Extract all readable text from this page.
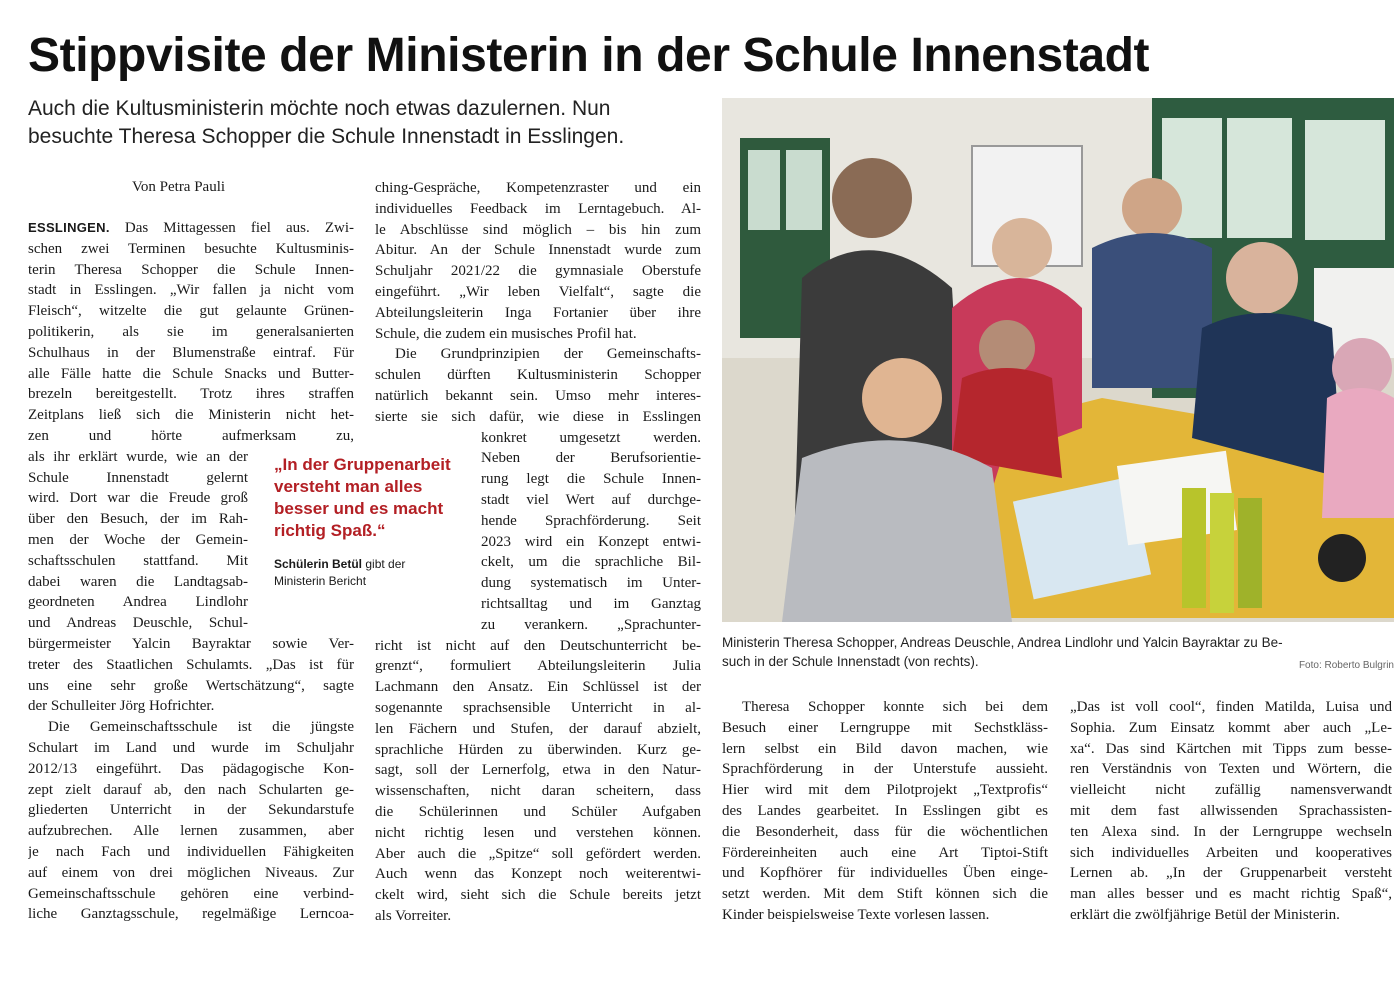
Stippvisite der Ministerin in der Schule Innenstadt
Auch die Kultusministerin möchte noch etwas dazulernen. Nun
besuchte Theresa Schopper die Schule Innenstadt in Esslingen.
Von Petra Pauli
ESSLINGEN. Das Mittagessen fiel aus. Zwi-
schen zwei Terminen besuchte Kultusminis-
terin Theresa Schopper die Schule Innen-
stadt in Esslingen. „Wir fallen ja nicht vom
Fleisch“, witzelte die gut gelaunte Grünen-
politikerin, als sie im generalsanierten
Schulhaus in der Blumenstraße eintraf. Für
alle Fälle hatte die Schule Snacks und Butter-
brezeln bereitgestellt. Trotz ihres straffen
Zeitplans ließ sich die Ministerin nicht het-
zen und hörte aufmerksam zu,
als ihr erklärt wurde, wie an der
Schule Innenstadt gelernt
wird. Dort war die Freude groß
über den Besuch, der im Rah-
men der Woche der Gemein-
schaftsschulen stattfand. Mit
dabei waren die Landtagsab-
geordneten Andrea Lindlohr
und Andreas Deuschle, Schul-
bürgermeister Yalcin Bayraktar sowie Ver-
treter des Staatlichen Schulamts. „Das ist für
uns eine sehr große Wertschätzung“, sagte
der Schulleiter Jörg Hofrichter.
Die Gemeinschaftsschule ist die jüngste
Schulart im Land und wurde im Schuljahr
2012/13 eingeführt. Das pädagogische Kon-
zept zielt darauf ab, den nach Schularten ge-
gliederten Unterricht in der Sekundarstufe
aufzubrechen. Alle lernen zusammen, aber
je nach Fach und individuellen Fähigkeiten
auf einem von drei möglichen Niveaus. Zur
Gemeinschaftsschule gehören eine verbind-
liche Ganztagsschule, regelmäßige Lerncoa-
„In der Gruppenarbeit
versteht man alles
besser und es macht
richtig Spaß.“
Schülerin Betül gibt der
Ministerin Bericht
ching-Gespräche, Kompetenzraster und ein
individuelles Feedback im Lerntagebuch. Al-
le Abschlüsse sind möglich – bis hin zum
Abitur. An der Schule Innenstadt wurde zum
Schuljahr 2021/22 die gymnasiale Oberstufe
eingeführt. „Wir leben Vielfalt“, sagte die
Abteilungsleiterin Inga Fortanier über ihre
Schule, die zudem ein musisches Profil hat.
Die Grundprinzipien der Gemeinschafts-
schulen dürften Kultusministerin Schopper
natürlich bekannt sein. Umso mehr interes-
sierte sie sich dafür, wie diese in Esslingen
konkret umgesetzt werden.
Neben der Berufsorientie-
rung legt die Schule Innen-
stadt viel Wert auf durchge-
hende Sprachförderung. Seit
2023 wird ein Konzept entwi-
ckelt, um die sprachliche Bil-
dung systematisch im Unter-
richtsalltag und im Ganztag
zu verankern. „Sprachunter-
richt ist nicht auf den Deutschunterricht be-
grenzt“, formuliert Abteilungsleiterin Julia
Lachmann den Ansatz. Ein Schlüssel ist der
sogenannte sprachsensible Unterricht in al-
len Fächern und Stufen, der darauf abzielt,
sprachliche Hürden zu überwinden. Kurz ge-
sagt, soll der Lernerfolg, etwa in den Natur-
wissenschaften, nicht daran scheitern, dass
die Schülerinnen und Schüler Aufgaben
nicht richtig lesen und verstehen können.
Aber auch die „Spitze“ soll gefördert werden.
Auch wenn das Konzept noch weiterentwi-
ckelt wird, sieht sich die Schule bereits jetzt
als Vorreiter.
Ministerin Theresa Schopper, Andreas Deuschle, Andrea Lindlohr und Yalcin Bayraktar zu Be-
such in der Schule Innenstadt (von rechts).	Foto: Roberto Bulgrin
Theresa Schopper konnte sich bei dem
Besuch einer Lerngruppe mit Sechstkläss-
lern selbst ein Bild davon machen, wie
Sprachförderung in der Unterstufe aussieht.
Hier wird mit dem Pilotprojekt „Textprofis“
des Landes gearbeitet. In Esslingen gibt es
die Besonderheit, dass für die wöchentlichen
Fördereinheiten auch eine Art Tiptoi-Stift
und Kopfhörer für individuelles Üben einge-
setzt werden. Mit dem Stift können sich die
Kinder beispielsweise Texte vorlesen lassen.
„Das ist voll cool“, finden Matilda, Luisa und
Sophia. Zum Einsatz kommt aber auch „Le-
xa“. Das sind Kärtchen mit Tipps zum besse-
ren Verständnis von Texten und Wörtern, die
vielleicht nicht zufällig namensverwandt
mit dem fast allwissenden Sprachassisten-
ten Alexa sind. In der Lerngruppe wechseln
sich individuelles Arbeiten und kooperatives
Lernen ab. „In der Gruppenarbeit versteht
man alles besser und es macht richtig Spaß“,
erklärt die zwölfjährige Betül der Ministerin.
